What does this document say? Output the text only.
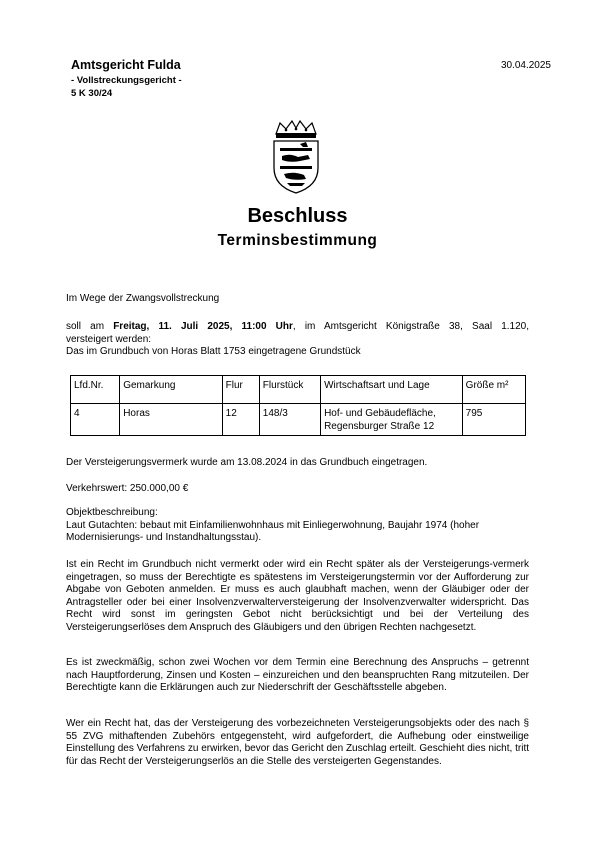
Amtsgericht Fulda
- Vollstreckungsgericht -
5 K 30/24
30.04.2025
Beschluss
Terminsbestimmung
Im Wege der Zwangsvollstreckung
soll am Freitag, 11. Juli 2025, 11:00 Uhr, im Amtsgericht Königstraße 38, Saal 1.120,
versteigert werden:
Das im Grundbuch von Horas Blatt 1753 eingetragene Grundstück
Lfd.Nr.	Gemarkung	Flur	Flurstück	Wirtschaftsart und Lage	Größe m²
4	Horas	12	148/3	Hof- und Gebäudefläche, Regensburger Straße 12	795
Der Versteigerungsvermerk wurde am 13.08.2024 in das Grundbuch eingetragen.
Verkehrswert: 250.000,00 €
Objektbeschreibung:
Laut Gutachten: bebaut mit Einfamilienwohnhaus mit Einliegerwohnung, Baujahr 1974 (hoher Modernisierungs- und Instandhaltungsstau).
Ist ein Recht im Grundbuch nicht vermerkt oder wird ein Recht später als der Versteigerungs-vermerk eingetragen, so muss der Berechtigte es spätestens im Versteigerungstermin vor der Aufforderung zur Abgabe von Geboten anmelden. Er muss es auch glaubhaft machen, wenn der Gläubiger oder der Antragsteller oder bei einer Insolvenzverwalterversteigerung der Insolvenzverwalter widerspricht. Das Recht wird sonst im geringsten Gebot nicht berücksichtigt und bei der Verteilung des Versteigerungserlöses dem Anspruch des Gläubigers und den übrigen Rechten nachgesetzt.
Es ist zweckmäßig, schon zwei Wochen vor dem Termin eine Berechnung des Anspruchs – getrennt nach Hauptforderung, Zinsen und Kosten – einzureichen und den beanspruchten Rang mitzuteilen. Der Berechtigte kann die Erklärungen auch zur Niederschrift der Geschäftsstelle abgeben.
Wer ein Recht hat, das der Versteigerung des vorbezeichneten Versteigerungsobjekts oder des nach § 55 ZVG mithaftenden Zubehörs entgegensteht, wird aufgefordert, die Aufhebung oder einstweilige Einstellung des Verfahrens zu erwirken, bevor das Gericht den Zuschlag erteilt. Geschieht dies nicht, tritt für das Recht der Versteigerungserlös an die Stelle des versteigerten Gegenstandes.
